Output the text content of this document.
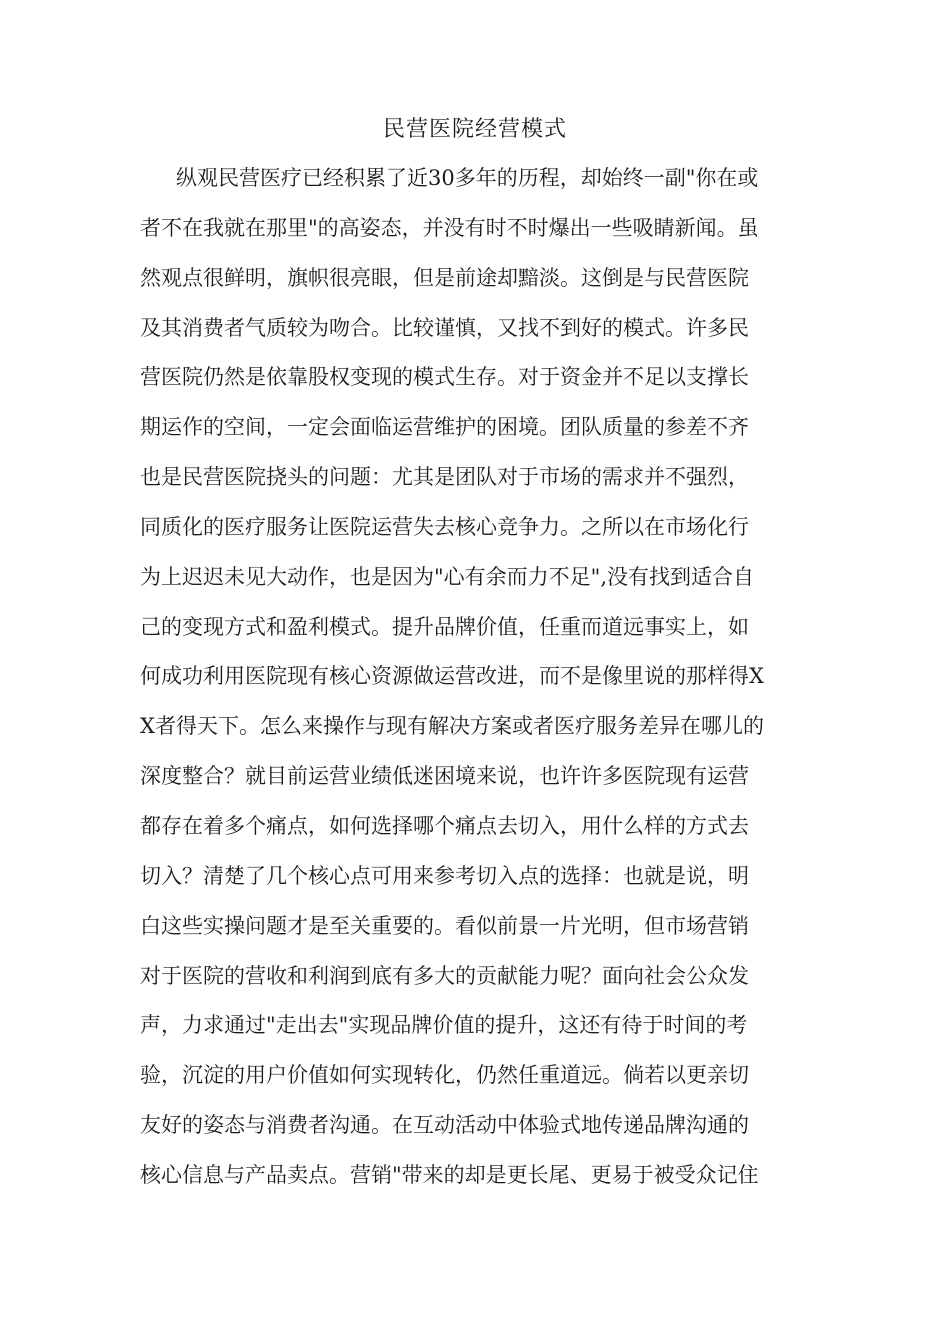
民营医院经营模式
纵观民营医疗已经积累了近30多年的历程，却始终一副"你在或
者不在我就在那里"的高姿态，并没有时不时爆出一些吸睛新闻。虽
然观点很鲜明，旗帜很亮眼，但是前途却黯淡。这倒是与民营医院
及其消费者气质较为吻合。比较谨慎，又找不到好的模式。许多民
营医院仍然是依靠股权变现的模式生存。对于资金并不足以支撑长
期运作的空间，一定会面临运营维护的困境。团队质量的参差不齐
也是民营医院挠头的问题：尤其是团队对于市场的需求并不强烈，
同质化的医疗服务让医院运营失去核心竞争力。之所以在市场化行
为上迟迟未见大动作，也是因为"心有余而力不足",没有找到适合自
己的变现方式和盈利模式。提升品牌价值，任重而道远事实上，如
何成功利用医院现有核心资源做运营改进，而不是像里说的那样得X
X者得天下。怎么来操作与现有解决方案或者医疗服务差异在哪儿的
深度整合？就目前运营业绩低迷困境来说，也许许多医院现有运营
都存在着多个痛点，如何选择哪个痛点去切入，用什么样的方式去
切入？清楚了几个核心点可用来参考切入点的选择：也就是说，明
白这些实操问题才是至关重要的。看似前景一片光明，但市场营销
对于医院的营收和利润到底有多大的贡献能力呢？面向社会公众发
声，力求通过"走出去"实现品牌价值的提升，这还有待于时间的考
验，沉淀的用户价值如何实现转化，仍然任重道远。倘若以更亲切
友好的姿态与消费者沟通。在互动活动中体验式地传递品牌沟通的
核心信息与产品卖点。营销"带来的却是更长尾、更易于被受众记住
